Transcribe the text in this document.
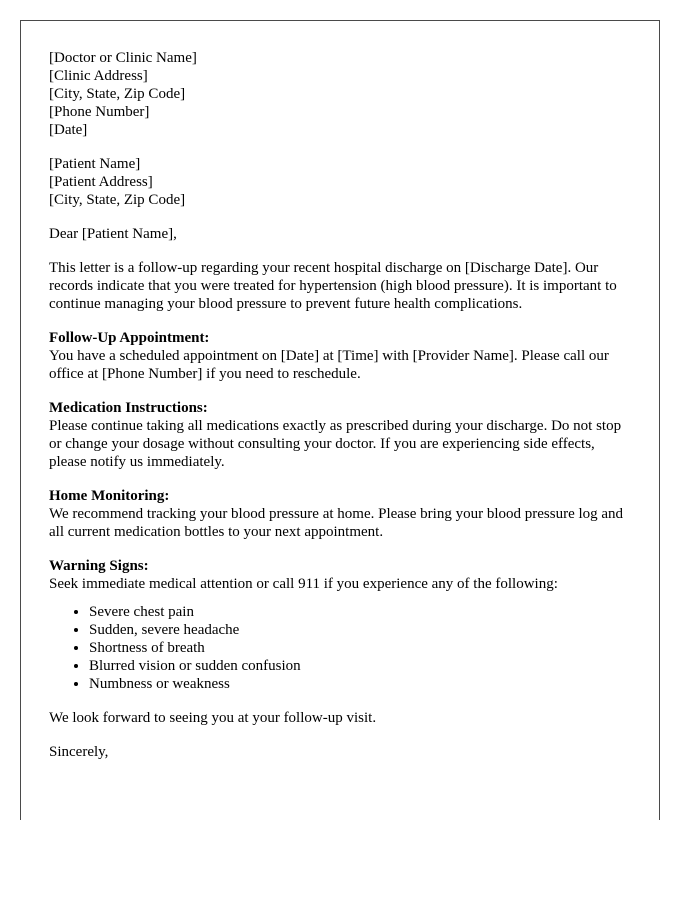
[Doctor or Clinic Name]
[Clinic Address]
[City, State, Zip Code]
[Phone Number]
[Date]
[Patient Name]
[Patient Address]
[City, State, Zip Code]

Dear [Patient Name],

This letter is a follow-up regarding your recent hospital discharge on [Discharge Date]. Our records indicate that you were treated for hypertension (high blood pressure). It is important to continue managing your blood pressure to prevent future health complications.

Follow-Up Appointment:
You have a scheduled appointment on [Date] at [Time] with [Provider Name]. Please call our office at [Phone Number] if you need to reschedule.
Medication Instructions:
Please continue taking all medications exactly as prescribed during your discharge. Do not stop or change your dosage without consulting your doctor. If you are experiencing side effects, please notify us immediately.
Home Monitoring:
We recommend tracking your blood pressure at home. Please bring your blood pressure log and all current medication bottles to your next appointment.
Warning Signs:
Seek immediate medical attention or call 911 if you experience any of the following:
• Severe chest pain
• Sudden, severe headache
• Shortness of breath
• Blurred vision or sudden confusion
• Numbness or weakness

We look forward to seeing you at your follow-up visit.

Sincerely,
